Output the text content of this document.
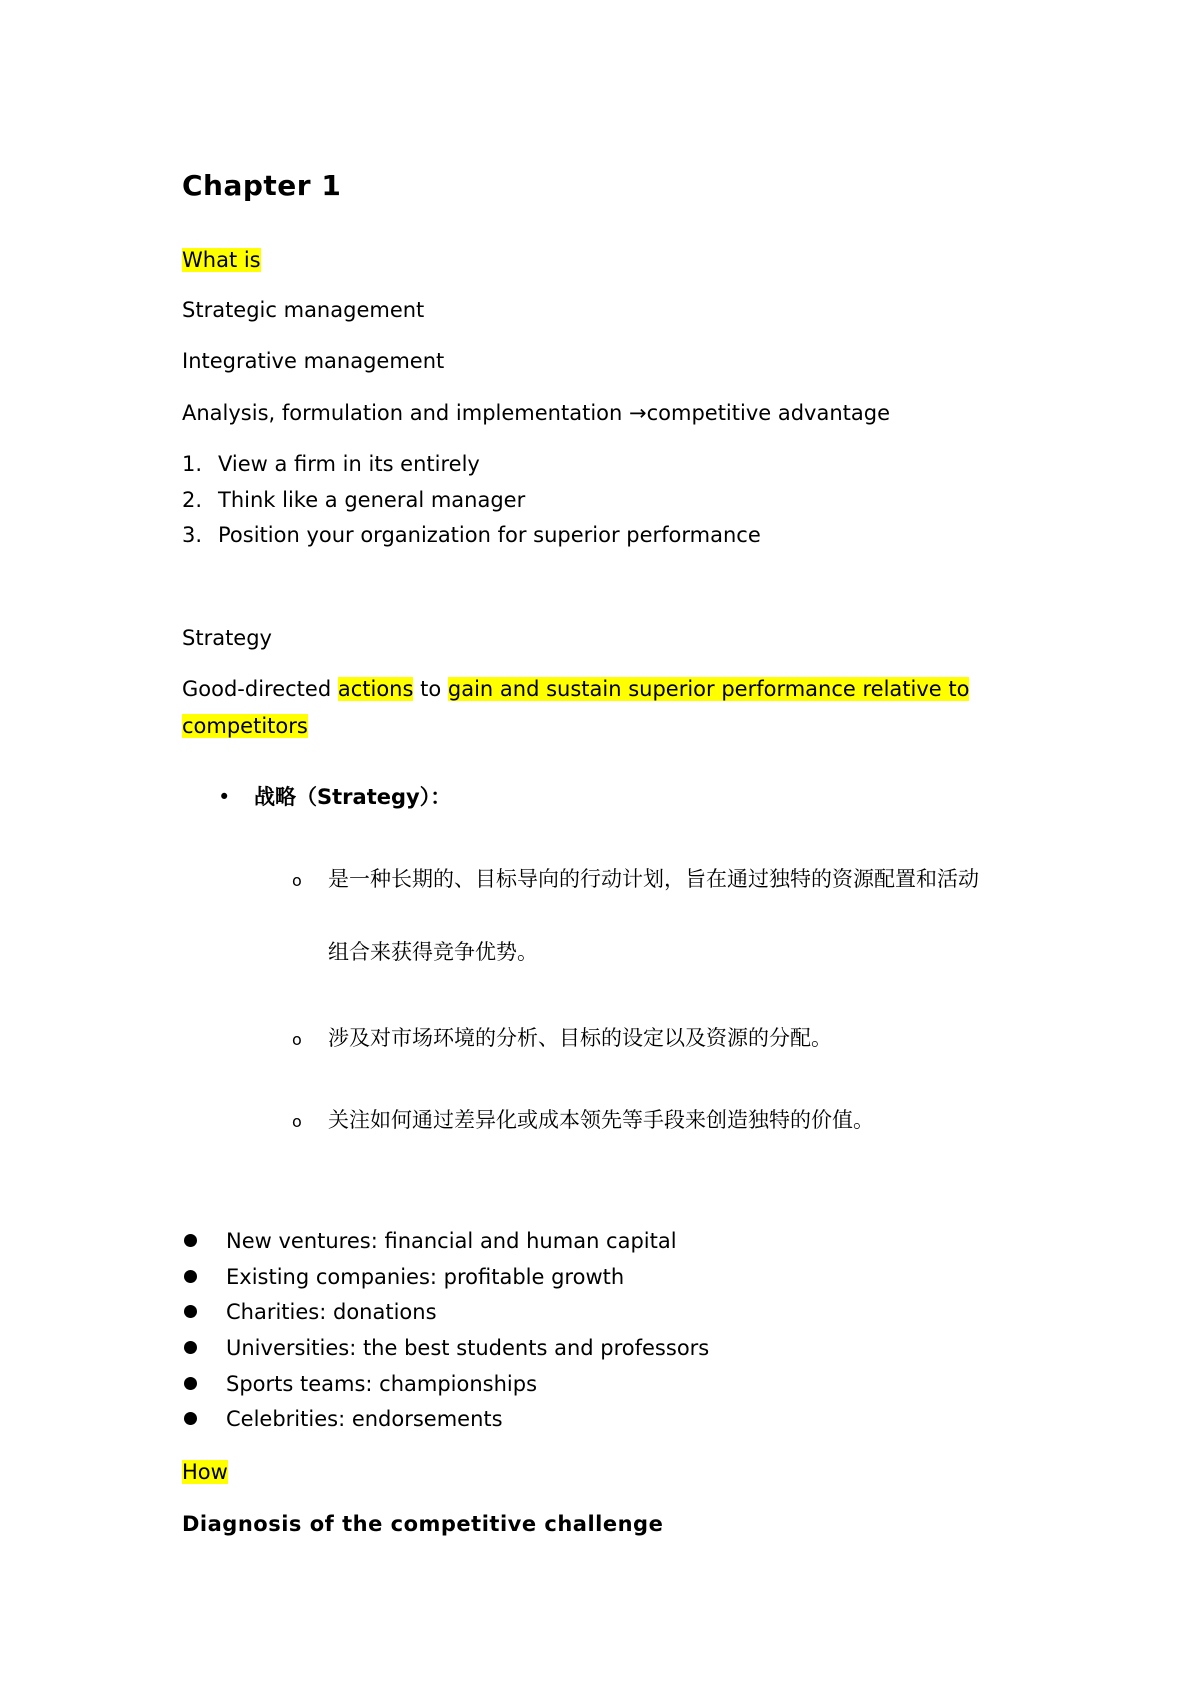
Chapter 1
What is
Strategic management
Integrative management
Analysis, formulation and implementation →competitive advantage
1. View a firm in its entirely
2. Think like a general manager
3. Position your organization for superior performance
Strategy
Good-directed actions to gain and sustain superior performance relative to
competitors
• 战略（Strategy）：
o 是一种长期的、目标导向的行动计划，旨在通过独特的资源配置和活动
组合来获得竞争优势。
o 涉及对市场环境的分析、目标的设定以及资源的分配。
o 关注如何通过差异化或成本领先等手段来创造独特的价值。
New ventures: financial and human capital
Existing companies: profitable growth
Charities: donations
Universities: the best students and professors
Sports teams: championships
Celebrities: endorsements
How
Diagnosis of the competitive challenge
